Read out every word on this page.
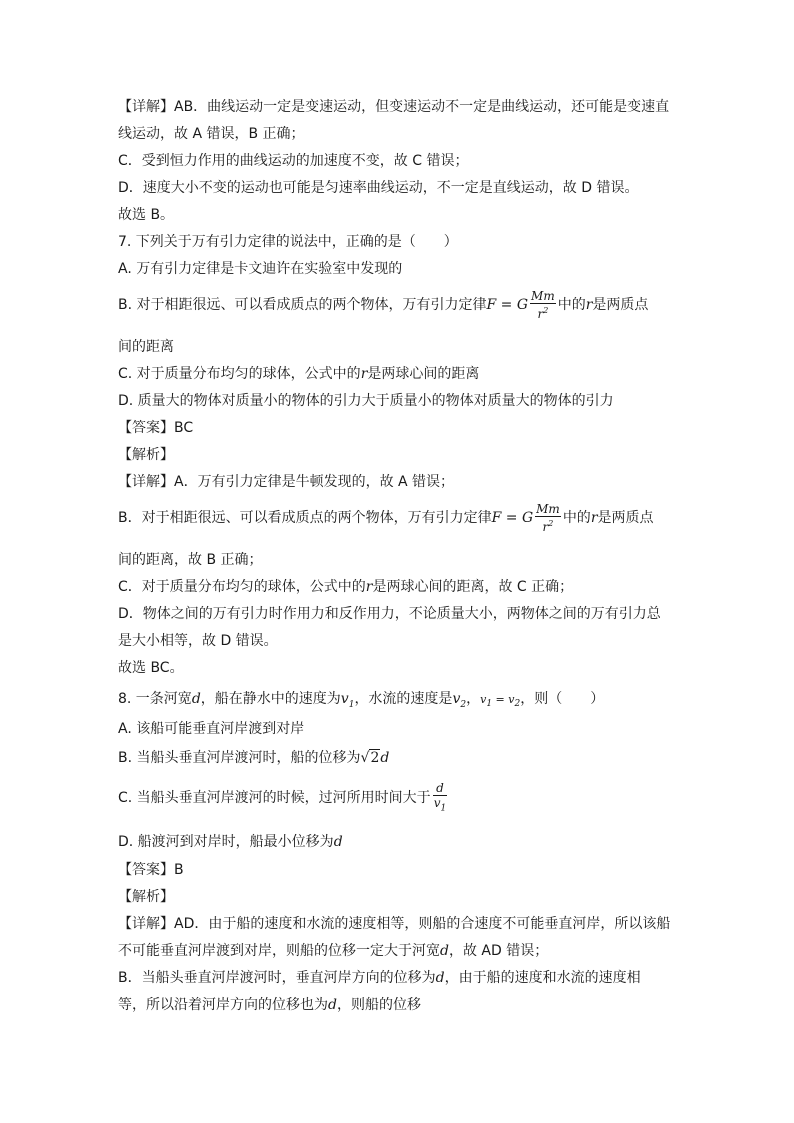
【详解】AB．曲线运动一定是变速运动，但变速运动不一定是曲线运动，还可能是变速直
线运动，故 A 错误，B 正确；
C．受到恒力作用的曲线运动的加速度不变，故 C 错误；
D．速度大小不变的运动也可能是匀速率曲线运动，不一定是直线运动，故 D 错误。
故选 B。
7. 下列关于万有引力定律的说法中，正确的是（　　）
A. 万有引力定律是卡文迪许在实验室中发现的
B. 对于相距很远、可以看成质点的两个物体，万有引力定律F = G $\frac{Mm}{r^2}$ 中的r是两质点
间的距离
C. 对于质量分布均匀的球体，公式中的r是两球心间的距离
D. 质量大的物体对质量小的物体的引力大于质量小的物体对质量大的物体的引力
【答案】BC
【解析】
【详解】A．万有引力定律是牛顿发现的，故 A 错误；
B．对于相距很远、可以看成质点的两个物体，万有引力定律F = G $\frac{Mm}{r^2}$ 中的r是两质点
间的距离，故 B 正确；
C．对于质量分布均匀的球体，公式中的r是两球心间的距离，故 C 正确；
D．物体之间的万有引力时作用力和反作用力，不论质量大小，两物体之间的万有引力总
是大小相等，故 D 错误。
故选 BC。
8. 一条河宽d，船在静水中的速度为$v_1$，水流的速度是$v_2$，$v_1 = v_2$，则（　　）
A. 该船可能垂直河岸渡到对岸
B. 当船头垂直河岸渡河时，船的位移为√2d
C. 当船头垂直河岸渡河的时候，过河所用时间大于 $\frac{d}{v_1}$
D. 船渡河到对岸时，船最小位移为d
【答案】B
【解析】
【详解】AD．由于船的速度和水流的速度相等，则船的合速度不可能垂直河岸，所以该船
不可能垂直河岸渡到对岸，则船的位移一定大于河宽d，故 AD 错误；
B．当船头垂直河岸渡河时，垂直河岸方向的位移为d，由于船的速度和水流的速度相
等，所以沿着河岸方向的位移也为d，则船的位移
